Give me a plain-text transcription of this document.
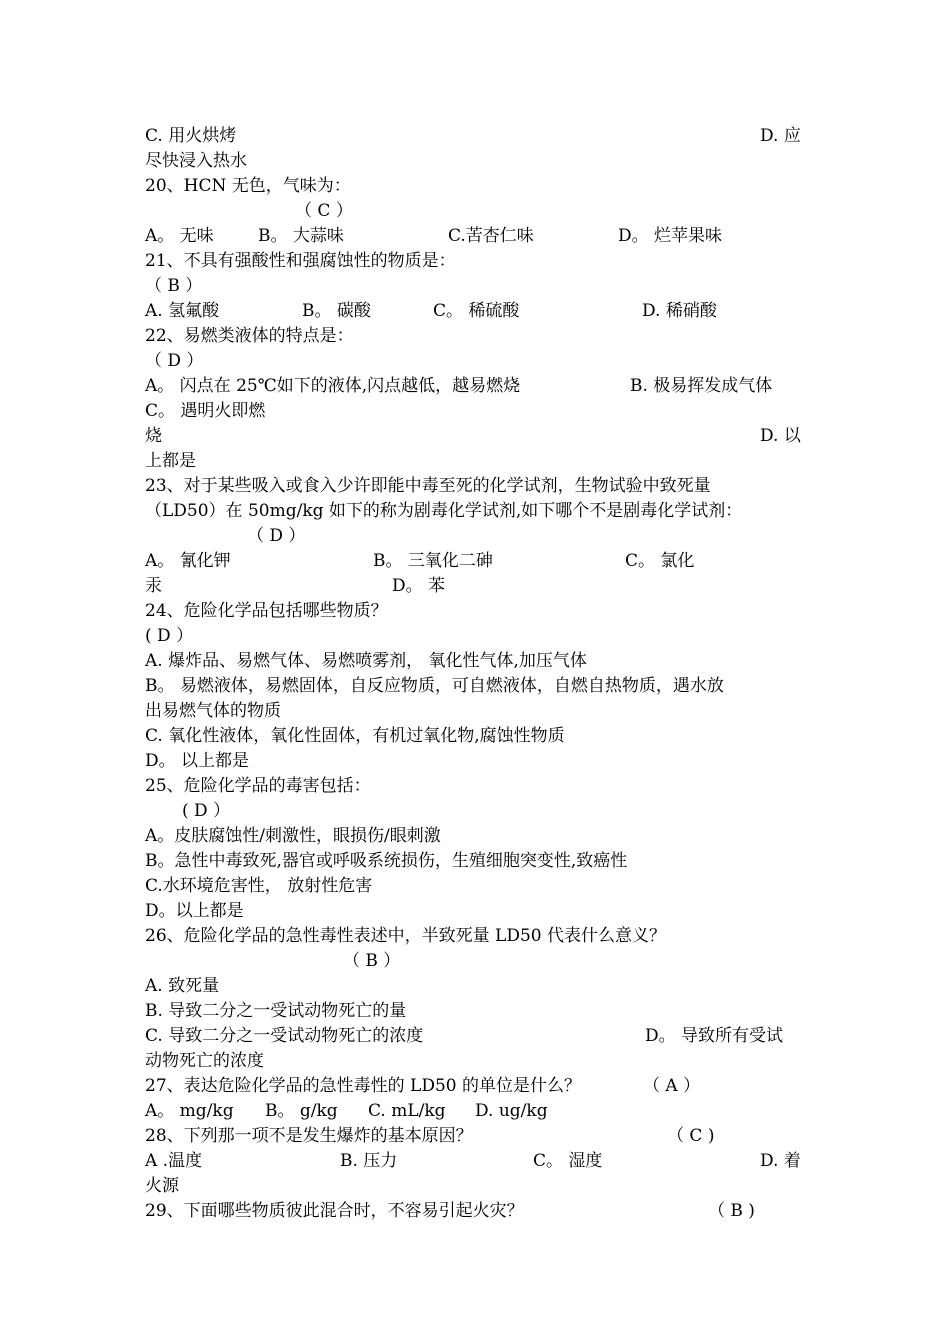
C. 用火烘烤

	D. 应

尽快浸入热水
20、HCN 无色，气味为：

（ C ）

A。 无味

	B。 大蒜味

	C.苦杏仁味

	D。 烂苹果味

21、不具有强酸性和强腐蚀性的物质是：
（ B ）

A. 氢氟酸

	B。 碳酸

	C。 稀硫酸

	D. 稀硝酸

22、易燃类液体的特点是：
（ D ）

A。 闪点在 25℃如下的液体,闪点越低，越易燃烧

	B. 极易挥发成气体

C。 遇明火即燃

烧

	D. 以

上都是
23、对于某些吸入或食入少许即能中毒至死的化学试剂，生物试验中致死量
（LD50）在 50mg/kg 如下的称为剧毒化学试剂,如下哪个不是剧毒化学试剂：

（ D ）

A。 氰化钾

	B。 三氧化二砷

	C。 氯化

汞

	D。 苯

24、危险化学品包括哪些物质？
( D ）
A. 爆炸品、易燃气体、易燃喷雾剂， 氧化性气体,加压气体
B。 易燃液体，易燃固体，自反应物质，可自燃液体，自燃自热物质，遇水放
出易燃气体的物质
C. 氧化性液体，氧化性固体，有机过氧化物,腐蚀性物质
D。 以上都是
25、危险化学品的毒害包括：

( D ）

A。皮肤腐蚀性/刺激性，眼损伤/眼刺激
B。急性中毒致死,器官或呼吸系统损伤，生殖细胞突变性,致癌性
C.水环境危害性， 放射性危害
D。以上都是
26、危险化学品的急性毒性表述中，半致死量 LD50 代表什么意义？

（ B ）

A. 致死量
B. 导致二分之一受试动物死亡的量

C. 导致二分之一受试动物死亡的浓度

	D。 导致所有受试

动物死亡的浓度

27、表达危险化学品的急性毒性的 LD50 的单位是什么？

	（ A ）

A。 mg/kg

B。 g/kg

C. mL/kg

D. ug/kg

28、下列那一项不是发生爆炸的基本原因？

	（ C )

A .温度

	B. 压力

	C。 湿度

	D. 着

火源

29、下面哪些物质彼此混合时，不容易引起火灾？

	（ B )
